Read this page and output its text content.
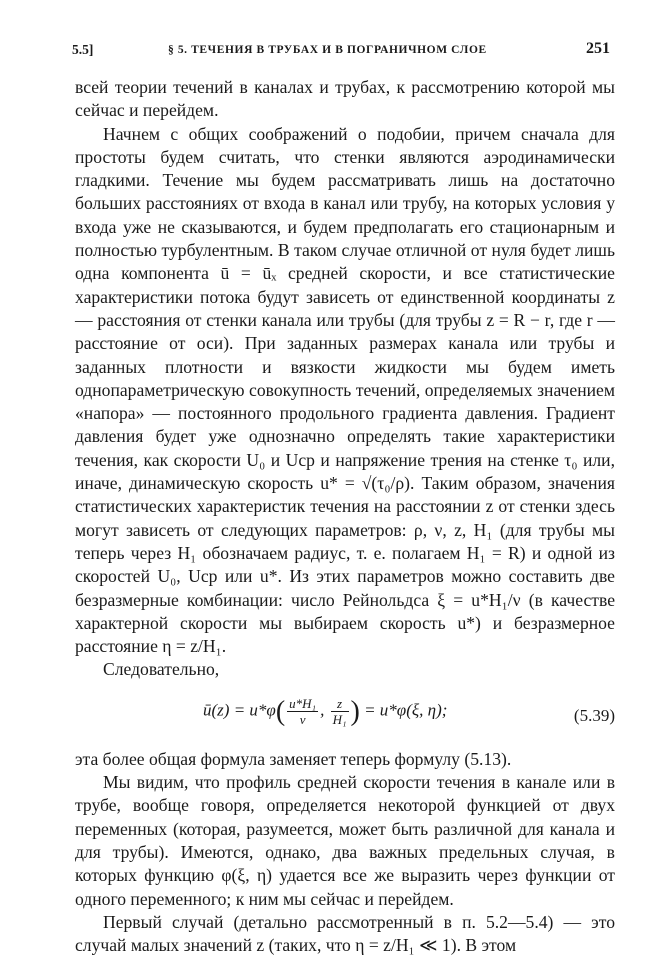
5.5]	§ 5. ТЕЧЕНИЯ В ТРУБАХ И В ПОГРАНИЧНОМ СЛОЕ	251

всей теории течений в каналах и трубах, к рассмотрению которой мы сейчас и перейдем.

Начнем с общих соображений о подобии, причем сначала для простоты будем считать, что стенки являются аэродинамически гладкими. Течение мы будем рассматривать лишь на достаточно больших расстояниях от входа в канал или трубу, на которых условия у входа уже не сказываются, и будем предполагать его стационарным и полностью турбулентным. В таком случае отличной от нуля будет лишь одна компонента ū = ūₓ средней скорости, и все статистические характеристики потока будут зависеть от единственной координаты z — расстояния от стенки канала или трубы (для трубы z = R − r, где r — расстояние от оси). При заданных размерах канала или трубы и заданных плотности и вязкости жидкости мы будем иметь однопараметрическую совокупность течений, определяемых значением «напора» — постоянного продольного градиента давления. Градиент давления будет уже однозначно определять такие характеристики течения, как скорости U₀ и Uср и напряжение трения на стенке τ₀ или, иначе, динамическую скорость u* = √(τ₀/ρ). Таким образом, значения статистических характеристик течения на расстоянии z от стенки здесь могут зависеть от следующих параметров: ρ, ν, z, H₁ (для трубы мы теперь через H₁ обозначаем радиус, т. е. полагаем H₁ = R) и одной из скоростей U₀, Uср или u*. Из этих параметров можно составить две безразмерные комбинации: число Рейнольдса ξ = u*H₁/ν (в качестве характерной скорости мы выбираем скорость u*) и безразмерное расстояние η = z/H₁.

Следовательно,

ū(z) = $u*\varphi( \frac{\text{u*H₁}}{\nu}$ , $\frac{z}{\text{H₁}}$ ) = u*φ(ξ, η);	(5.39)

эта более общая формула заменяет теперь формулу (5.13).

Мы видим, что профиль средней скорости течения в канале или в трубе, вообще говоря, определяется некоторой функцией от двух переменных (которая, разумеется, может быть различной для канала и для трубы). Имеются, однако, два важных предельных случая, в которых функцию φ(ξ, η) удается все же выразить через функции от одного переменного; к ним мы сейчас и перейдем.

Первый случай (детально рассмотренный в п. 5.2—5.4) — это случай малых значений z (таких, что η = z/H₁ ≪ 1). В этом
